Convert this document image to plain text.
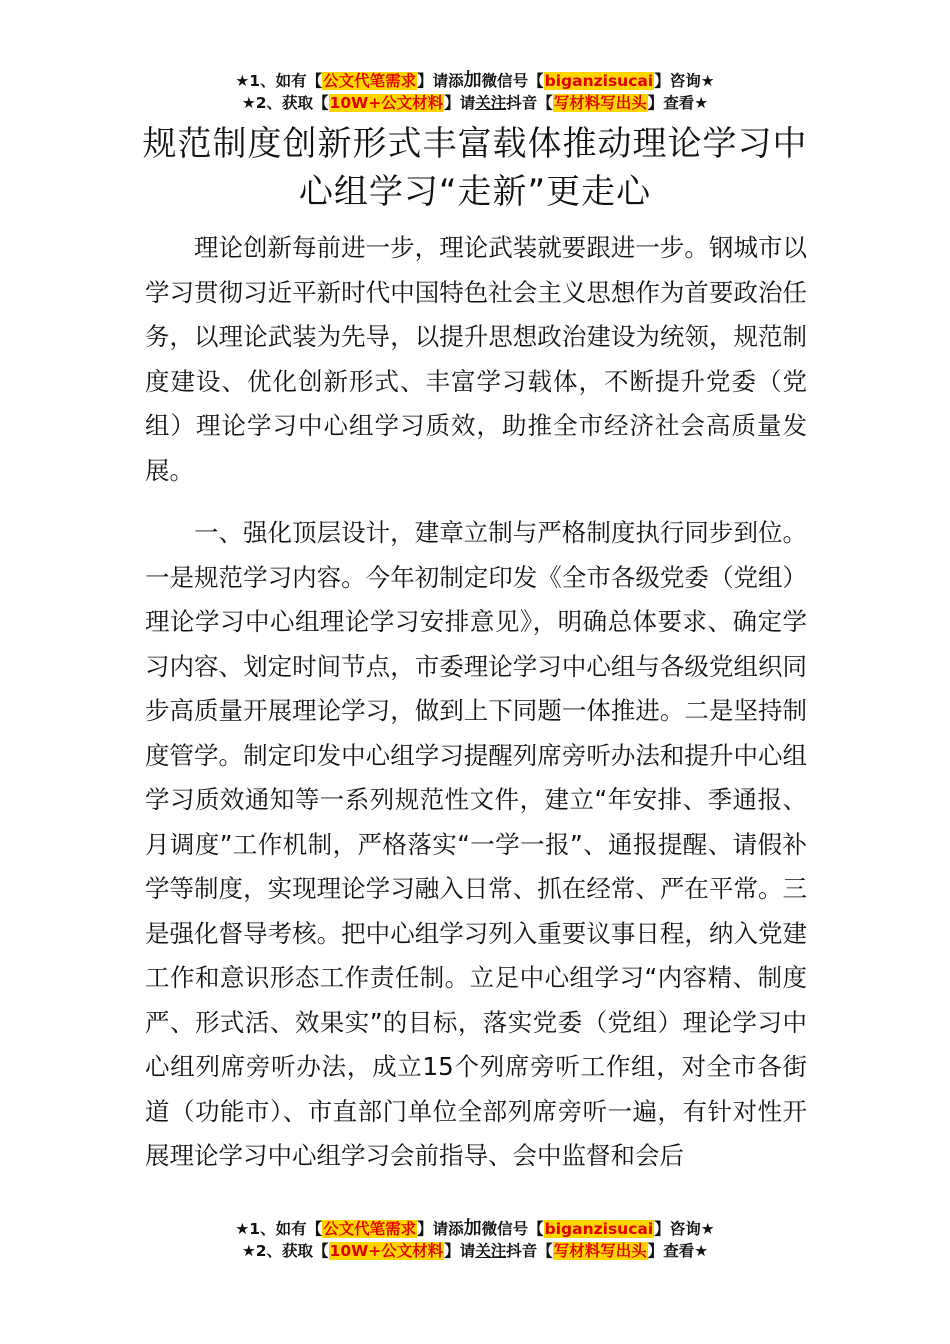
★1、如有【公文代笔需求】请添加微信号【biganzisucai】咨询★
★2、获取【10W+公文材料】请关注抖音【写材料写出头】查看★
规范制度创新形式丰富载体推动理论学习中心组学习“走新”更走心

理论创新每前进一步，理论武装就要跟进一步。钢城市以学习贯彻习近平新时代中国特色社会主义思想作为首要政治任务，以理论武装为先导，以提升思想政治建设为统领，规范制度建设、优化创新形式、丰富学习载体，不断提升党委（党组）理论学习中心组学习质效，助推全市经济社会高质量发展。

一、强化顶层设计，建章立制与严格制度执行同步到位。一是规范学习内容。今年初制定印发《全市各级党委（党组）理论学习中心组理论学习安排意见》，明确总体要求、确定学习内容、划定时间节点，市委理论学习中心组与各级党组织同步高质量开展理论学习，做到上下同题一体推进。二是坚持制度管学。制定印发中心组学习提醒列席旁听办法和提升中心组学习质效通知等一系列规范性文件，建立“年安排、季通报、月调度”工作机制，严格落实“一学一报”、通报提醒、请假补学等制度，实现理论学习融入日常、抓在经常、严在平常。三是强化督导考核。把中心组学习列入重要议事日程，纳入党建工作和意识形态工作责任制。立足中心组学习“内容精、制度严、形式活、效果实”的目标，落实党委（党组）理论学习中心组列席旁听办法，成立15个列席旁听工作组，对全市各街道（功能市）、市直部门单位全部列席旁听一遍，有针对性开展理论学习中心组学习会前指导、会中监督和会后

★1、如有【公文代笔需求】请添加微信号【biganzisucai】咨询★
★2、获取【10W+公文材料】请关注抖音【写材料写出头】查看★
